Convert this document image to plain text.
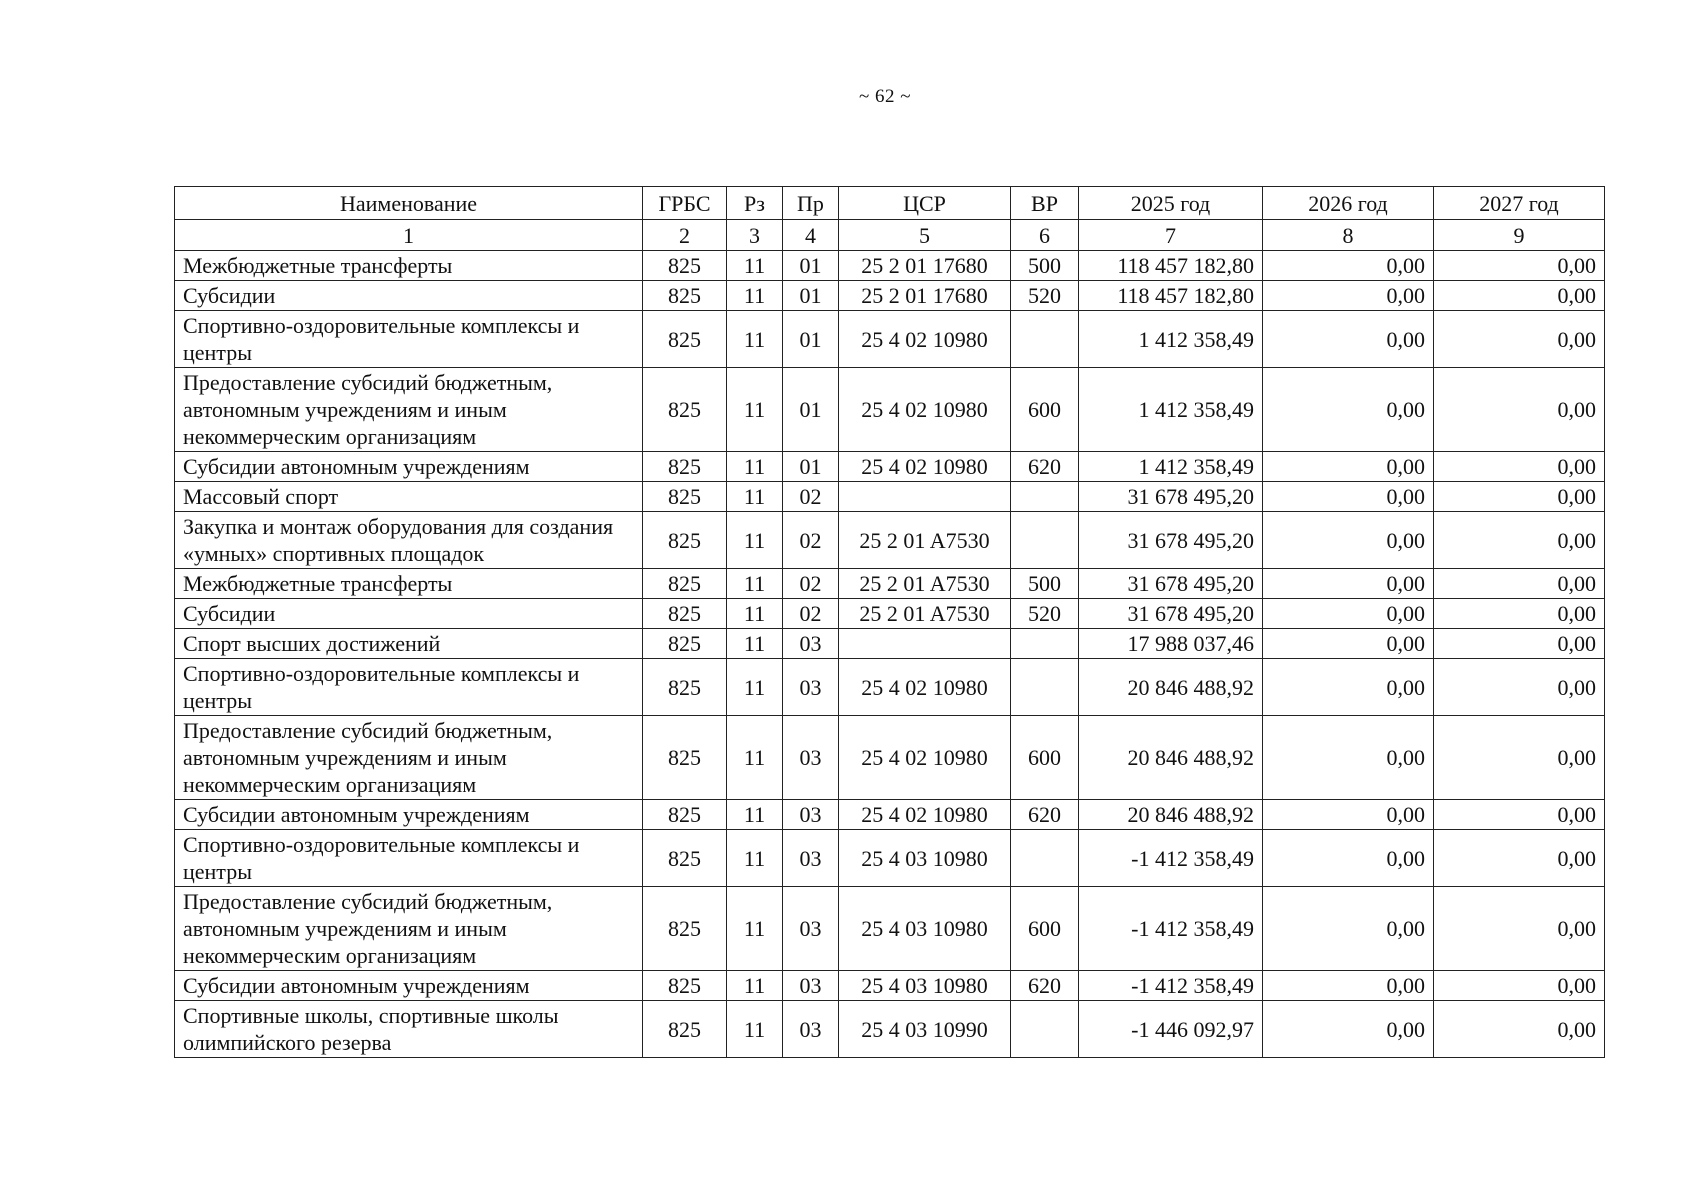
~ 62 ~
Наименование	ГРБС	Рз	Пр	ЦСР	ВР	2025 год	2026 год	2027 год
1	2	3	4	5	6	7	8	9
Межбюджетные трансферты	825	11	01	25 2 01 17680	500	118 457 182,80	0,00	0,00
Субсидии	825	11	01	25 2 01 17680	520	118 457 182,80	0,00	0,00
Спортивно-оздоровительные комплексы и центры	825	11	01	25 4 02 10980		1 412 358,49	0,00	0,00
Предоставление субсидий бюджетным, автономным учреждениям и иным некоммерческим организациям	825	11	01	25 4 02 10980	600	1 412 358,49	0,00	0,00
Субсидии автономным учреждениям	825	11	01	25 4 02 10980	620	1 412 358,49	0,00	0,00
Массовый спорт	825	11	02			31 678 495,20	0,00	0,00
Закупка и монтаж оборудования для создания «умных» спортивных площадок	825	11	02	25 2 01 A7530		31 678 495,20	0,00	0,00
Межбюджетные трансферты	825	11	02	25 2 01 A7530	500	31 678 495,20	0,00	0,00
Субсидии	825	11	02	25 2 01 A7530	520	31 678 495,20	0,00	0,00
Спорт высших достижений	825	11	03			17 988 037,46	0,00	0,00
Спортивно-оздоровительные комплексы и центры	825	11	03	25 4 02 10980		20 846 488,92	0,00	0,00
Предоставление субсидий бюджетным, автономным учреждениям и иным некоммерческим организациям	825	11	03	25 4 02 10980	600	20 846 488,92	0,00	0,00
Субсидии автономным учреждениям	825	11	03	25 4 02 10980	620	20 846 488,92	0,00	0,00
Спортивно-оздоровительные комплексы и центры	825	11	03	25 4 03 10980		-1 412 358,49	0,00	0,00
Предоставление субсидий бюджетным, автономным учреждениям и иным некоммерческим организациям	825	11	03	25 4 03 10980	600	-1 412 358,49	0,00	0,00
Субсидии автономным учреждениям	825	11	03	25 4 03 10980	620	-1 412 358,49	0,00	0,00
Спортивные школы, спортивные школы олимпийского резерва	825	11	03	25 4 03 10990		-1 446 092,97	0,00	0,00
